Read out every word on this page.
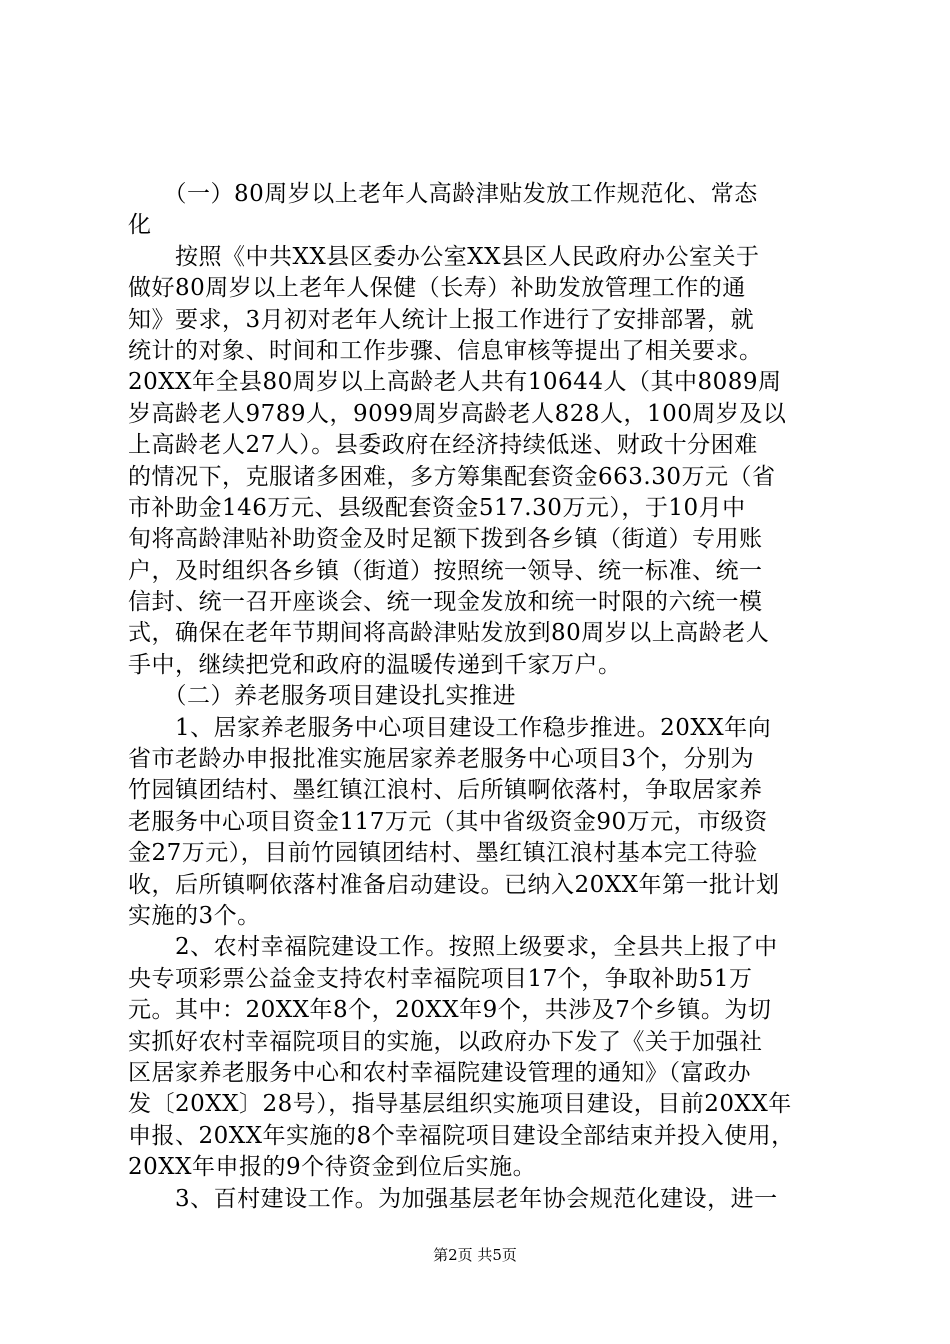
　　（一）80周岁以上老年人高龄津贴发放工作规范化、常态
化
　　按照《中共XX县区委办公室XX县区人民政府办公室关于
做好80周岁以上老年人保健（长寿）补助发放管理工作的通
知》要求，3月初对老年人统计上报工作进行了安排部署，就
统计的对象、时间和工作步骤、信息审核等提出了相关要求。
20XX年全县80周岁以上高龄老人共有10644人（其中8089周
岁高龄老人9789人，9099周岁高龄老人828人，100周岁及以
上高龄老人27人）。县委政府在经济持续低迷、财政十分困难
的情况下，克服诸多困难，多方筹集配套资金663.30万元（省
市补助金146万元、县级配套资金517.30万元），于10月中
旬将高龄津贴补助资金及时足额下拨到各乡镇（街道）专用账
户，及时组织各乡镇（街道）按照统一领导、统一标准、统一
信封、统一召开座谈会、统一现金发放和统一时限的六统一模
式，确保在老年节期间将高龄津贴发放到80周岁以上高龄老人
手中，继续把党和政府的温暖传递到千家万户。
　　（二）养老服务项目建设扎实推进
　　1、居家养老服务中心项目建设工作稳步推进。20XX年向
省市老龄办申报批准实施居家养老服务中心项目3个，分别为
竹园镇团结村、墨红镇江浪村、后所镇啊依落村，争取居家养
老服务中心项目资金117万元（其中省级资金90万元，市级资
金27万元），目前竹园镇团结村、墨红镇江浪村基本完工待验
收，后所镇啊依落村准备启动建设。已纳入20XX年第一批计划
实施的3个。
　　2、农村幸福院建设工作。按照上级要求，全县共上报了中
央专项彩票公益金支持农村幸福院项目17个，争取补助51万
元。其中：20XX年8个，20XX年9个，共涉及7个乡镇。为切
实抓好农村幸福院项目的实施，以政府办下发了《关于加强社
区居家养老服务中心和农村幸福院建设管理的通知》（富政办
发〔20XX〕28号），指导基层组织实施项目建设，目前20XX年
申报、20XX年实施的8个幸福院项目建设全部结束并投入使用，
20XX年申报的9个待资金到位后实施。
　　3、百村建设工作。为加强基层老年协会规范化建设，进一
第2页 共5页
